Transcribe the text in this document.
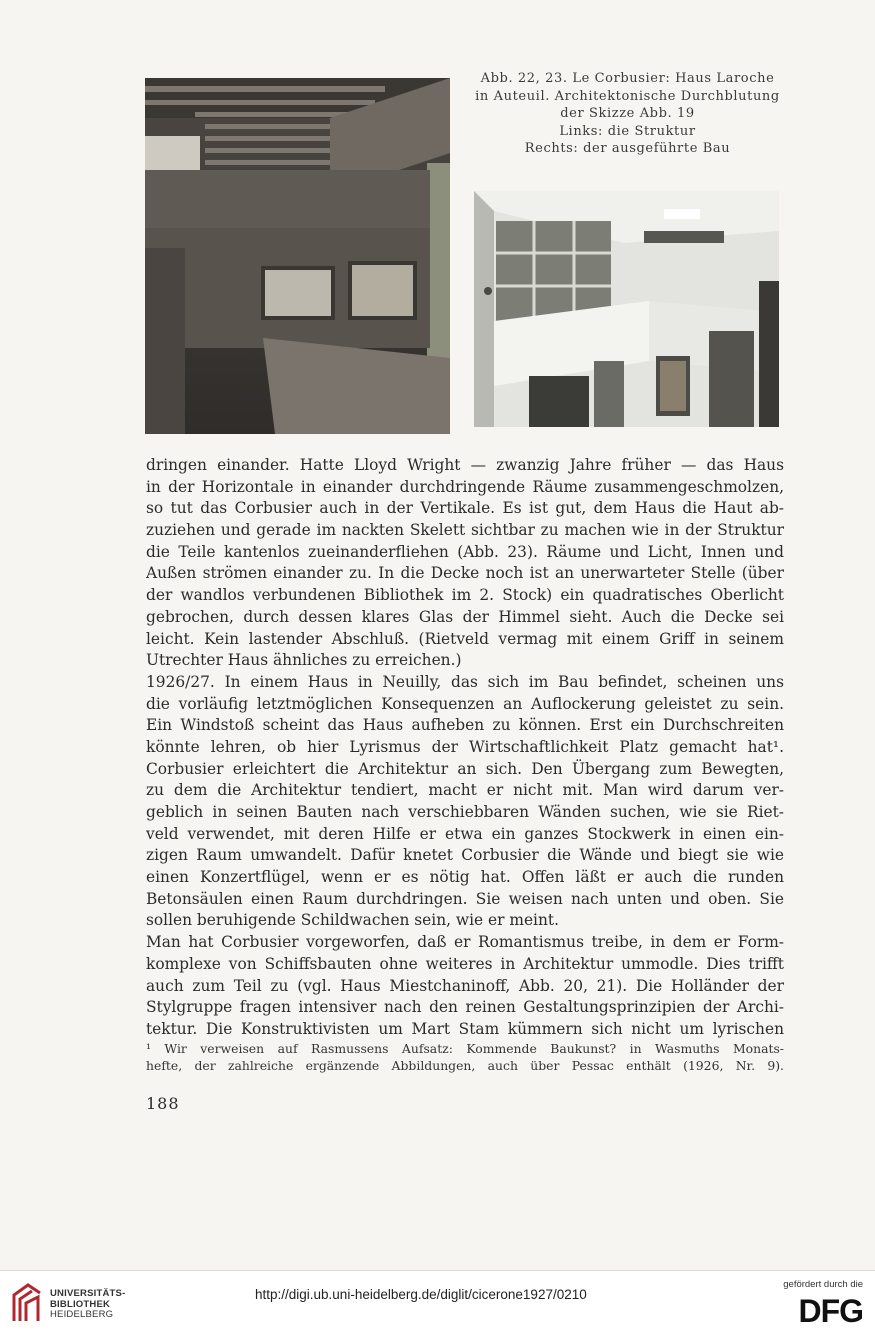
Abb. 22, 23. Le Corbusier: Haus Laroche
in Auteuil. Architektonische Durchblutung
der Skizze Abb. 19
Links: die Struktur
Rechts: der ausgeführte Bau
dringen einander. Hatte Lloyd Wright — zwanzig Jahre früher — das Haus
in der Horizontale in einander durchdringende Räume zusammengeschmolzen,
so tut das Corbusier auch in der Vertikale. Es ist gut, dem Haus die Haut ab-
zuziehen und gerade im nackten Skelett sichtbar zu machen wie in der Struktur
die Teile kantenlos zueinanderfliehen (Abb. 23). Räume und Licht, Innen und
Außen strömen einander zu. In die Decke noch ist an unerwarteter Stelle (über
der wandlos verbundenen Bibliothek im 2. Stock) ein quadratisches Oberlicht
gebrochen, durch dessen klares Glas der Himmel sieht. Auch die Decke sei
leicht. Kein lastender Abschluß. (Rietveld vermag mit einem Griff in seinem
Utrechter Haus ähnliches zu erreichen.)
1926/27. In einem Haus in Neuilly, das sich im Bau befindet, scheinen uns
die vorläufig letztmöglichen Konsequenzen an Auflockerung geleistet zu sein.
Ein Windstoß scheint das Haus aufheben zu können. Erst ein Durchschreiten
könnte lehren, ob hier Lyrismus der Wirtschaftlichkeit Platz gemacht hat¹.
Corbusier erleichtert die Architektur an sich. Den Übergang zum Bewegten,
zu dem die Architektur tendiert, macht er nicht mit. Man wird darum ver-
geblich in seinen Bauten nach verschiebbaren Wänden suchen, wie sie Riet-
veld verwendet, mit deren Hilfe er etwa ein ganzes Stockwerk in einen ein-
zigen Raum umwandelt. Dafür knetet Corbusier die Wände und biegt sie wie
einen Konzertflügel, wenn er es nötig hat. Offen läßt er auch die runden
Betonsäulen einen Raum durchdringen. Sie weisen nach unten und oben. Sie
sollen beruhigende Schildwachen sein, wie er meint.
Man hat Corbusier vorgeworfen, daß er Romantismus treibe, in dem er Form-
komplexe von Schiffsbauten ohne weiteres in Architektur ummodle. Dies trifft
auch zum Teil zu (vgl. Haus Miestchaninoff, Abb. 20, 21). Die Holländer der
Stylgruppe fragen intensiver nach den reinen Gestaltungsprinzipien der Archi-
tektur. Die Konstruktivisten um Mart Stam kümmern sich nicht um lyrischen
¹ Wir verweisen auf Rasmussens Aufsatz: Kommende Baukunst? in Wasmuths Monats-
hefte, der zahlreiche ergänzende Abbildungen, auch über Pessac enthält (1926, Nr. 9).
188
UNIVERSITÄTS-
BIBLIOTHEK
HEIDELBERG
http://digi.ub.uni-heidelberg.de/diglit/cicerone1927/0210
gefördert durch die
DFG
